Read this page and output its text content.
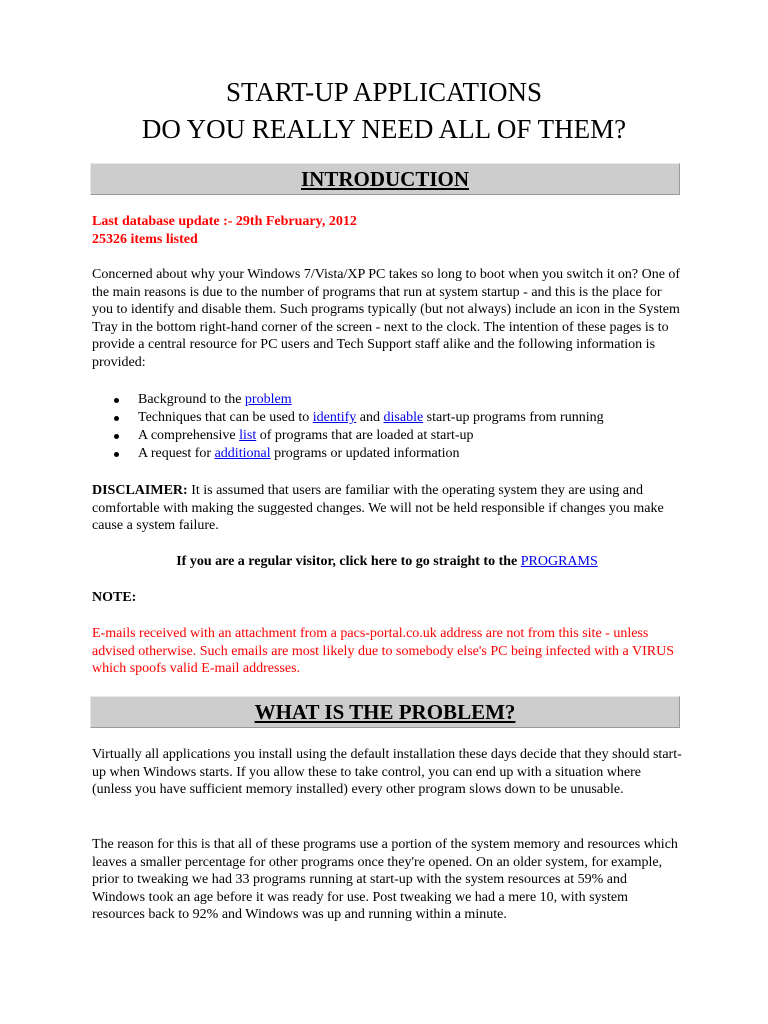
START-UP APPLICATIONS
DO YOU REALLY NEED ALL OF THEM?
INTRODUCTION

Last database update :- 29th February, 2012

25326 items listed

Concerned about why your Windows 7/Vista/XP PC takes so long to boot when you switch it on? One of the main reasons is due to the number of programs that run at system startup - and this is the place for you to identify and disable them. Such programs typically (but not always) include an icon in the System Tray in the bottom right-hand corner of the screen - next to the clock. The intention of these pages is to provide a central resource for PC users and Tech Support staff alike and the following information is provided:

Background to the problem
Techniques that can be used to identify and disable start-up programs from running
A comprehensive list of programs that are loaded at start-up
A request for additional programs or updated information

DISCLAIMER: It is assumed that users are familiar with the operating system they are using and comfortable with making the suggested changes. We will not be held responsible if changes you make cause a system failure.

If you are a regular visitor, click here to go straight to the PROGRAMS

NOTE:

E-mails received with an attachment from a pacs-portal.co.uk address are not from this site - unless advised otherwise. Such emails are most likely due to somebody else's PC being infected with a VIRUS which spoofs valid E-mail addresses.

WHAT IS THE PROBLEM?

Virtually all applications you install using the default installation these days decide that they should start-up when Windows starts. If you allow these to take control, you can end up with a situation where (unless you have sufficient memory installed) every other program slows down to be unusable.

The reason for this is that all of these programs use a portion of the system memory and resources which leaves a smaller percentage for other programs once they're opened. On an older system, for example, prior to tweaking we had 33 programs running at start-up with the system resources at 59% and Windows took an age before it was ready for use. Post tweaking we had a mere 10, with system resources back to 92% and Windows was up and running within a minute.
